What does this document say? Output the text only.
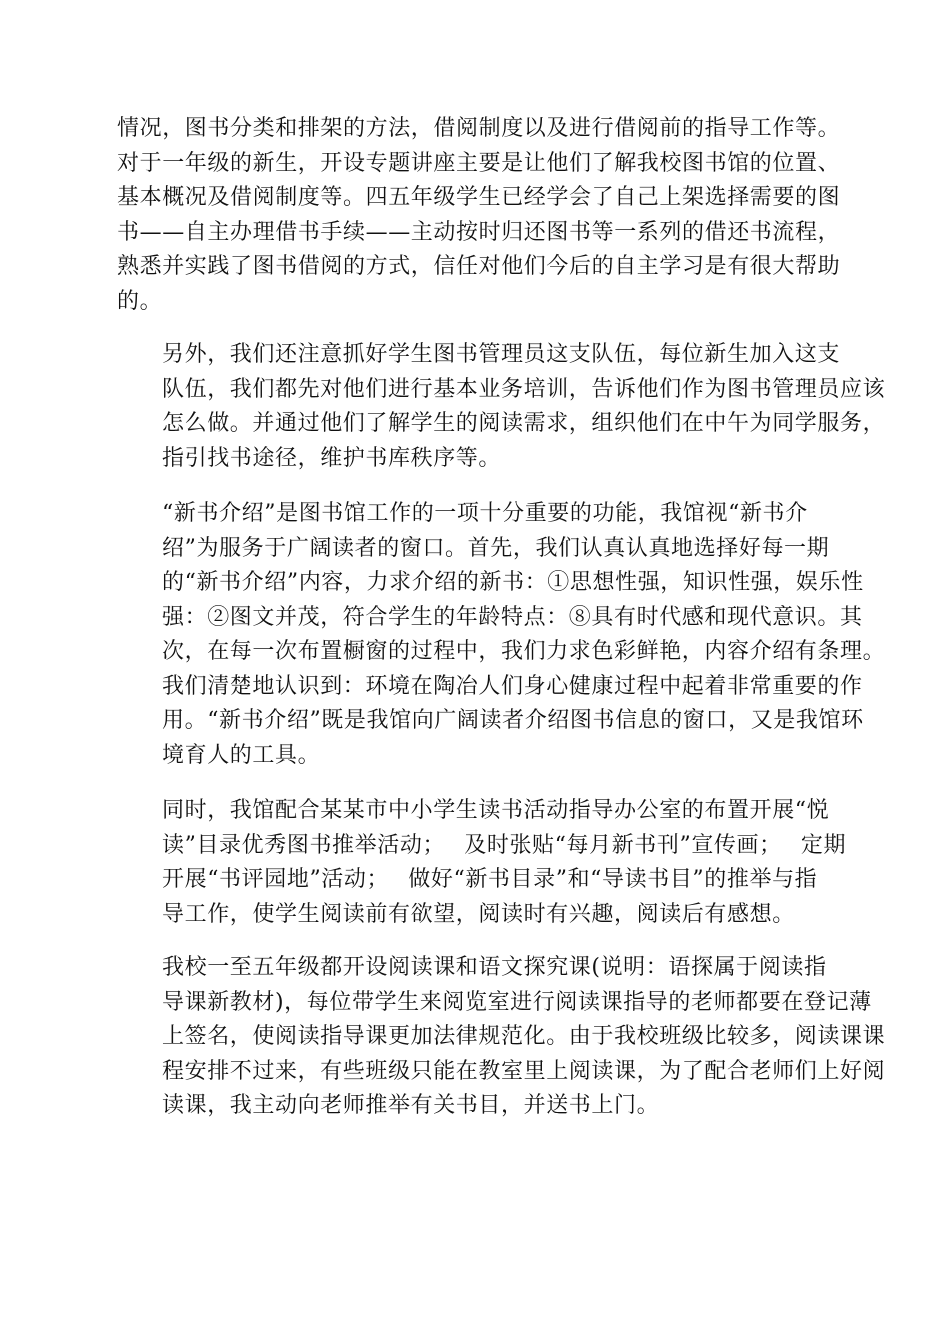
情况，图书分类和排架的方法，借阅制度以及进行借阅前的指导工作等。
对于一年级的新生，开设专题讲座主要是让他们了解我校图书馆的位置、
基本概况及借阅制度等。四五年级学生已经学会了自己上架选择需要的图
书——自主办理借书手续——主动按时归还图书等一系列的借还书流程，
熟悉并实践了图书借阅的方式，信任对他们今后的自主学习是有很大帮助
的。

另外，我们还注意抓好学生图书管理员这支队伍，每位新生加入这支
队伍，我们都先对他们进行基本业务培训，告诉他们作为图书管理员应该
怎么做。并通过他们了解学生的阅读需求，组织他们在中午为同学服务，
指引找书途径，维护书库秩序等。

“新书介绍”是图书馆工作的一项十分重要的功能，我馆视“新书介
绍”为服务于广阔读者的窗口。首先，我们认真认真地选择好每一期
的“新书介绍”内容，力求介绍的新书：①思想性强，知识性强，娱乐性
强：②图文并茂，符合学生的年龄特点：⑧具有时代感和现代意识。其
次，在每一次布置橱窗的过程中，我们力求色彩鲜艳，内容介绍有条理。
我们清楚地认识到：环境在陶冶人们身心健康过程中起着非常重要的作
用。“新书介绍”既是我馆向广阔读者介绍图书信息的窗口，又是我馆环
境育人的工具。

同时，我馆配合某某市中小学生读书活动指导办公室的布置开展“悦
读”目录优秀图书推举活动；　 及时张贴“每月新书刊”宣传画；　 定期
开展“书评园地”活动；　 做好“新书目录”和“导读书目”的推举与指
导工作，使学生阅读前有欲望，阅读时有兴趣，阅读后有感想。

我校一至五年级都开设阅读课和语文探究课(说明：语探属于阅读指
导课新教材)，每位带学生来阅览室进行阅读课指导的老师都要在登记薄
上签名，使阅读指导课更加法律规范化。由于我校班级比较多，阅读课课
程安排不过来，有些班级只能在教室里上阅读课，为了配合老师们上好阅
读课，我主动向老师推举有关书目，并送书上门。
